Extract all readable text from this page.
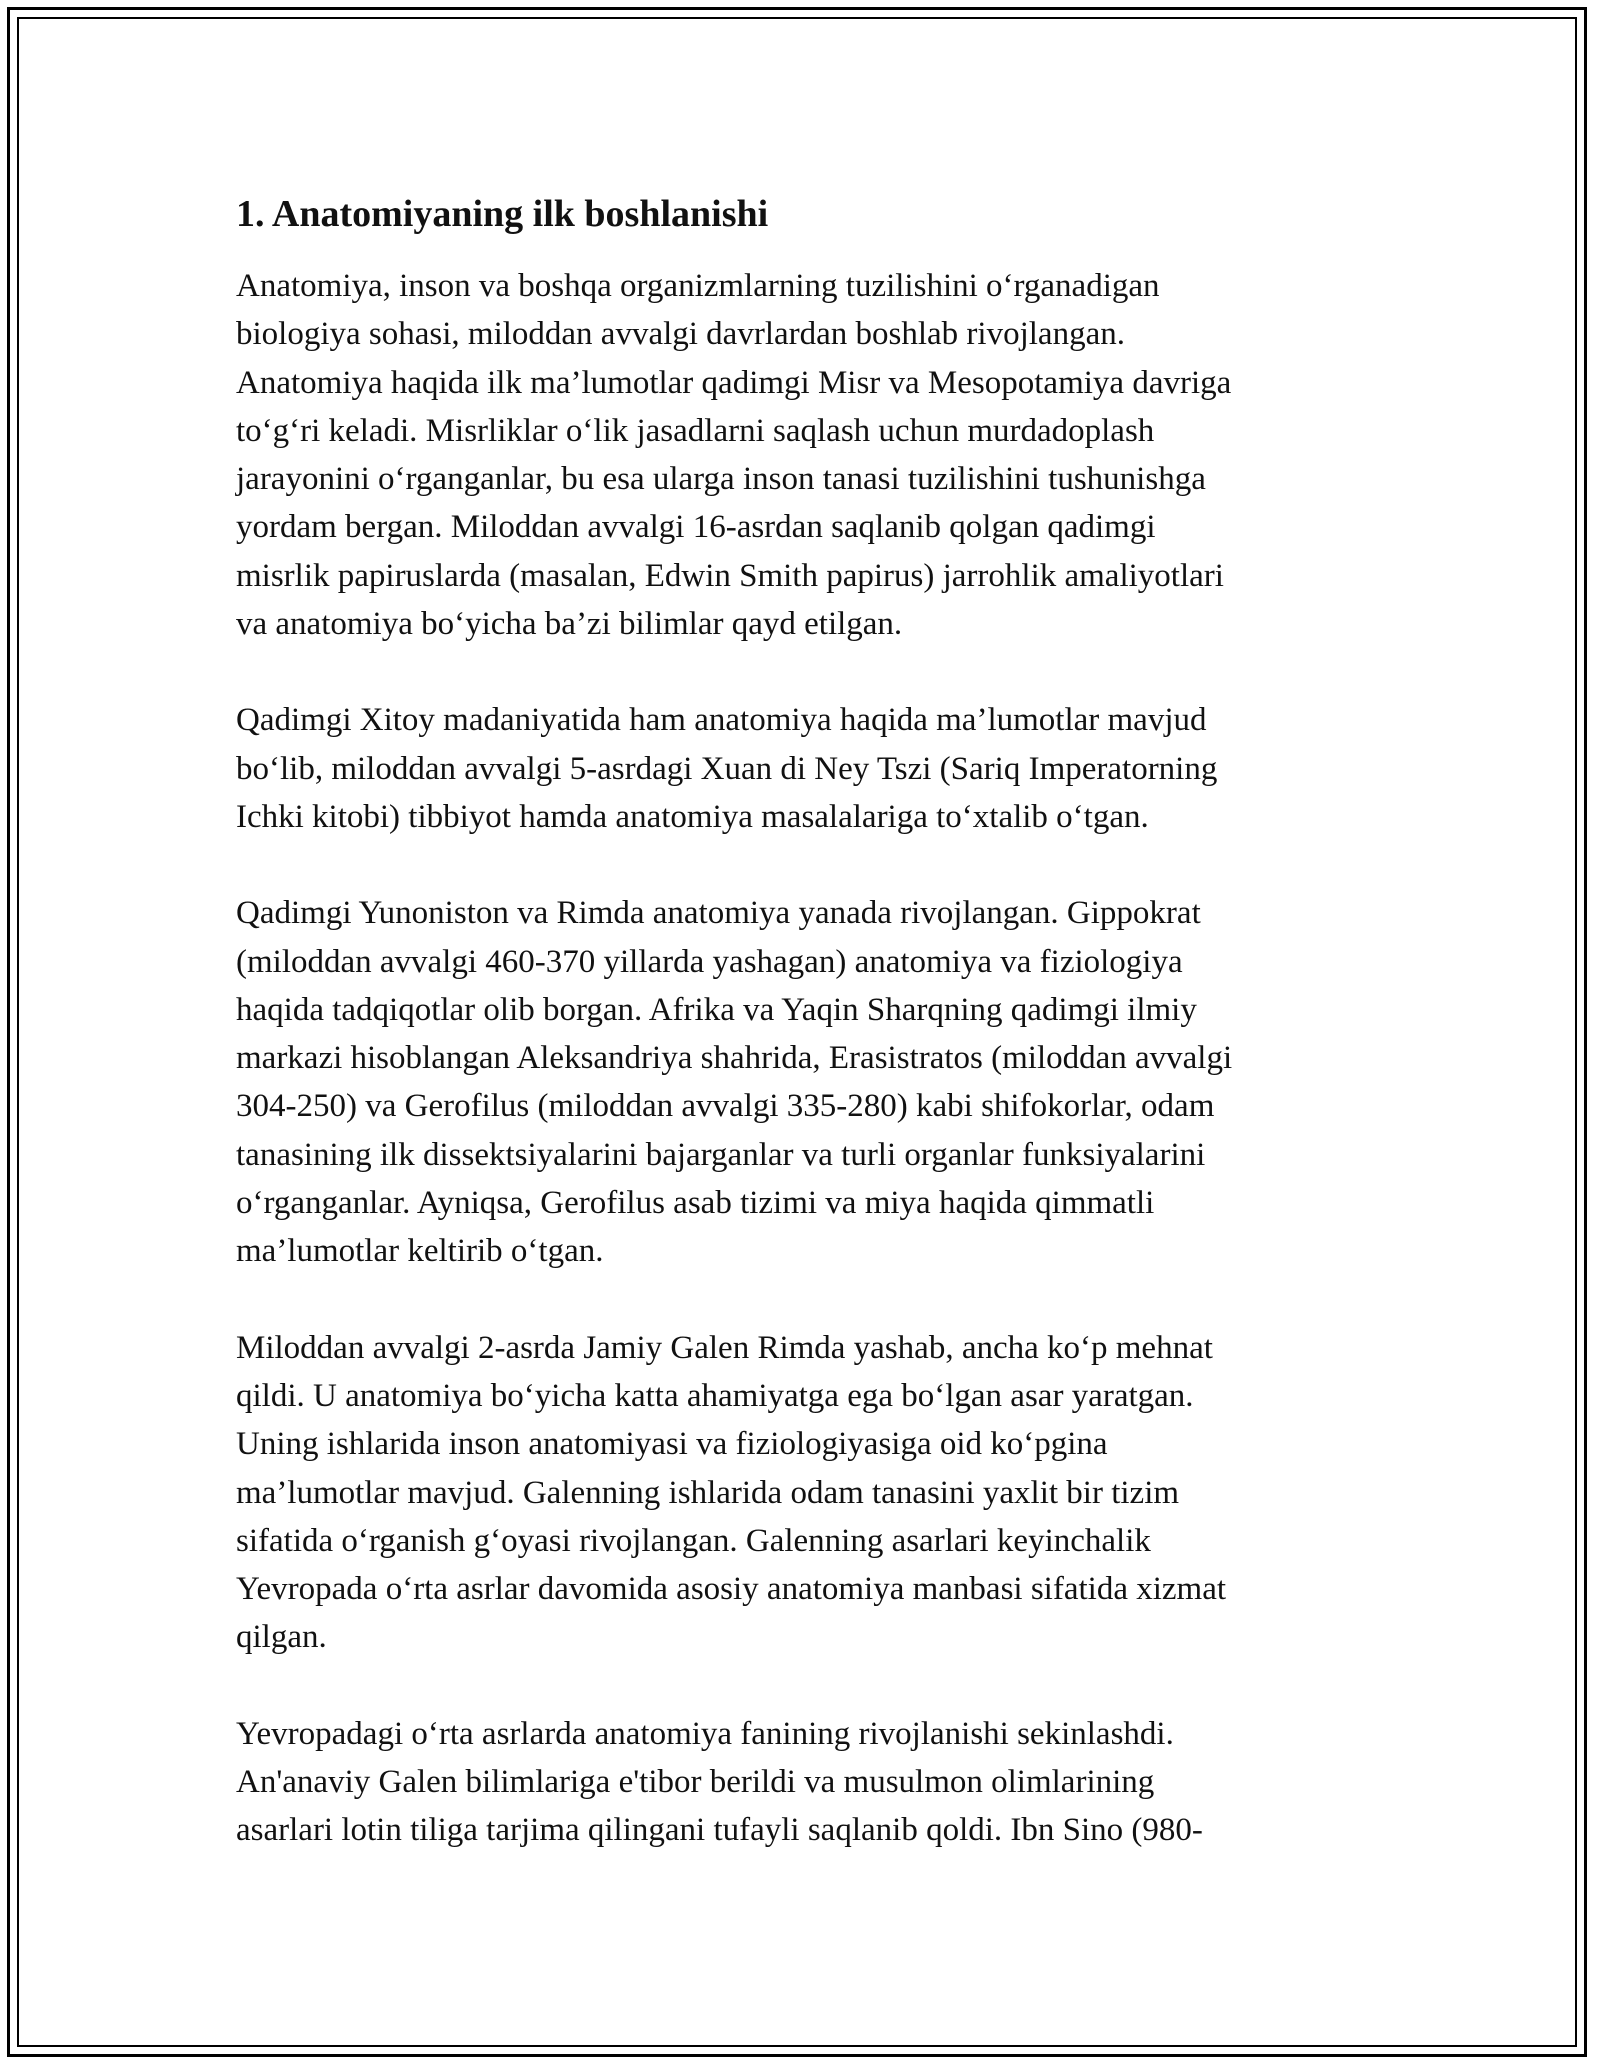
1. Anatomiyaning ilk boshlanishi

Anatomiya, inson va boshqa organizmlarning tuzilishini o‘rganadigan
biologiya sohasi, miloddan avvalgi davrlardan boshlab rivojlangan.
Anatomiya haqida ilk ma’lumotlar qadimgi Misr va Mesopotamiya davriga
to‘g‘ri keladi. Misrliklar o‘lik jasadlarni saqlash uchun murdadoplash
jarayonini o‘rganganlar, bu esa ularga inson tanasi tuzilishini tushunishga
yordam bergan. Miloddan avvalgi 16-asrdan saqlanib qolgan qadimgi
misrlik papiruslarda (masalan, Edwin Smith papirus) jarrohlik amaliyotlari
va anatomiya bo‘yicha ba’zi bilimlar qayd etilgan.

Qadimgi Xitoy madaniyatida ham anatomiya haqida ma’lumotlar mavjud
bo‘lib, miloddan avvalgi 5-asrdagi Xuan di Ney Tszi (Sariq Imperatorning
Ichki kitobi) tibbiyot hamda anatomiya masalalariga to‘xtalib o‘tgan.

Qadimgi Yunoniston va Rimda anatomiya yanada rivojlangan. Gippokrat
(miloddan avvalgi 460-370 yillarda yashagan) anatomiya va fiziologiya
haqida tadqiqotlar olib borgan. Afrika va Yaqin Sharqning qadimgi ilmiy
markazi hisoblangan Aleksandriya shahrida, Erasistratos (miloddan avvalgi
304-250) va Gerofilus (miloddan avvalgi 335-280) kabi shifokorlar, odam
tanasining ilk dissektsiyalarini bajarganlar va turli organlar funksiyalarini
o‘rganganlar. Ayniqsa, Gerofilus asab tizimi va miya haqida qimmatli
ma’lumotlar keltirib o‘tgan.

Miloddan avvalgi 2-asrda Jamiy Galen Rimda yashab, ancha ko‘p mehnat
qildi. U anatomiya bo‘yicha katta ahamiyatga ega bo‘lgan asar yaratgan.
Uning ishlarida inson anatomiyasi va fiziologiyasiga oid ko‘pgina
ma’lumotlar mavjud. Galenning ishlarida odam tanasini yaxlit bir tizim
sifatida o‘rganish g‘oyasi rivojlangan. Galenning asarlari keyinchalik
Yevropada o‘rta asrlar davomida asosiy anatomiya manbasi sifatida xizmat
qilgan.

Yevropadagi o‘rta asrlarda anatomiya fanining rivojlanishi sekinlashdi.
An'anaviy Galen bilimlariga e'tibor berildi va musulmon olimlarining
asarlari lotin tiliga tarjima qilingani tufayli saqlanib qoldi. Ibn Sino (980-
